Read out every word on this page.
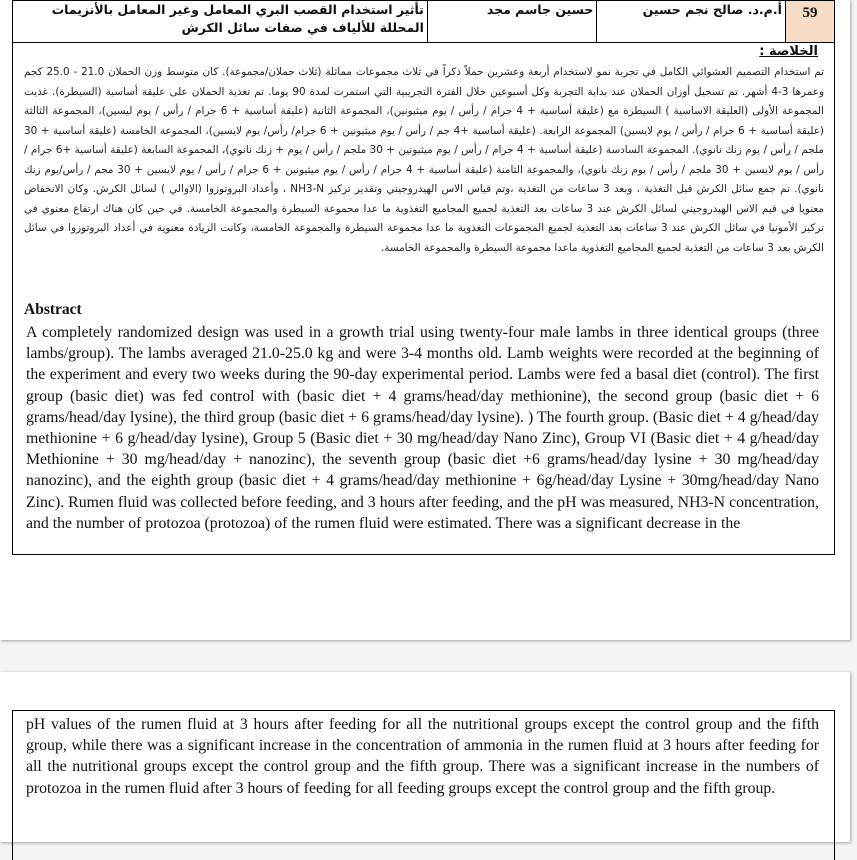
تأثير استخدام القصب البري المعامل وغير المعامل بالأنزيمات المحللة للألياف في صفات سائل الكرش	حسين جاسم مجد	أ.م.د. صالح نجم حسين	59
الخلاصة :
تم استخدام التصميم العشوائي الكامل في تجربة نمو لاستخدام أربعة وعشرين حملاً ذكراً في ثلاث مجموعات مماثلة (ثلاث حملان/مجموعة). كان متوسط وزن الحملان 21.0 - 25.0 كجم وعمرها 3-4 أشهر. تم تسجيل أوزان الحملان عند بداية التجربة وكل أسبوعين خلال الفترة التجريبية التي استمرت لمدة 90 يوما. تم تغذية الحملان على عليقة أساسية (السيطرة). غذيت المجموعة الأولى (العليقة الاساسية ) السيطرة مع (عليقة أساسية + 4 جرام / رأس / يوم ميثيونين)، المجموعة الثانية (عليقة أساسية + 6 جرام / رأس / يوم ليسين)، المجموعة الثالثة (عليقة أساسية + 6 جرام / رأس / يوم لايسين) المجموعة الرابعة. (عليقة أساسية +4 جم / رأس / يوم ميثيونين + 6 جرام/ رأس/ يوم لايسين)، المجموعة الخامسة (عليقة أساسية + 30 ملجم / رأس / يوم زنك نانوي). المجموعة السادسة (عليقة أساسية + 4 جرام / رأس / يوم ميثيونين + 30 ملجم / رأس / يوم + زنك نانوي)، المجموعة السابعة (عليقة أساسية +6 جرام / رأس / يوم لايسين + 30 ملجم / رأس / يوم زنك نانوي)، والمجموعة الثامنة (عليقة أساسية + 4 جرام / رأس / يوم ميثيونين + 6 جرام / رأس / يوم لايسين + 30 مجم / رأس/يوم زنك نانوي). تم جمع سائل الكرش قبل التغذية ، وبعد 3 ساعات من التغذية ،وتم قياس الاس الهيدروجيني وتقدير تركيز NH3-N ، وأعداد البروتوزوا (الاوالي ) لسائل الكرش. وكان الانخفاض معنويا في قيم الاس الهيدروجيني لسائل الكرش عند 3 ساعات بعد التغذية لجميع المجاميع التغذوية ما عدا مجموعة السيطرة والمجموعة الخامسة. في حين كان هناك ارتفاع معنوي في تركيز الأمونيا في سائل الكرش عند 3 ساعات بعد التغذية لجميع المجموعات التغذوية ما عدا مجموعة السيطرة والمجموعة الخامسة، وكانت الزيادة معنوية في أعداد البروتوزوا في سائل الكرش بعد 3 ساعات من التغذية لجميع المجاميع التغذوية ماعدا مجموعة السيطرة والمجموعة الخامسة.
Abstract
A completely randomized design was used in a growth trial using twenty-four male lambs in three identical groups (three lambs/group). The lambs averaged 21.0-25.0 kg and were 3-4 months old. Lamb weights were recorded at the beginning of the experiment and every two weeks during the 90-day experimental period. Lambs were fed a basal diet (control). The first group (basic diet) was fed control with (basic diet + 4 grams/head/day methionine), the second group (basic diet + 6 grams/head/day lysine), the third group (basic diet + 6 grams/head/day lysine). ) The fourth group. (Basic diet + 4 g/head/day methionine + 6 g/head/day lysine), Group 5 (Basic diet + 30 mg/head/day Nano Zinc), Group VI (Basic diet + 4 g/head/day Methionine + 30 mg/head/day + nanozinc), the seventh group (basic diet +6 grams/head/day lysine + 30 mg/head/day nanozinc), and the eighth group (basic diet + 4 grams/head/day methionine + 6g/head/day Lysine + 30mg/head/day Nano Zinc). Rumen fluid was collected before feeding, and 3 hours after feeding, and the pH was measured, NH3-N concentration, and the number of protozoa (protozoa) of the rumen fluid were estimated. There was a significant decrease in the
pH values of the rumen fluid at 3 hours after feeding for all the nutritional groups except the control group and the fifth group, while there was a significant increase in the concentration of ammonia in the rumen fluid at 3 hours after feeding for all the nutritional groups except the control group and the fifth group. There was a significant increase in the numbers of protozoa in the rumen fluid after 3 hours of feeding for all feeding groups except the control group and the fifth group.
